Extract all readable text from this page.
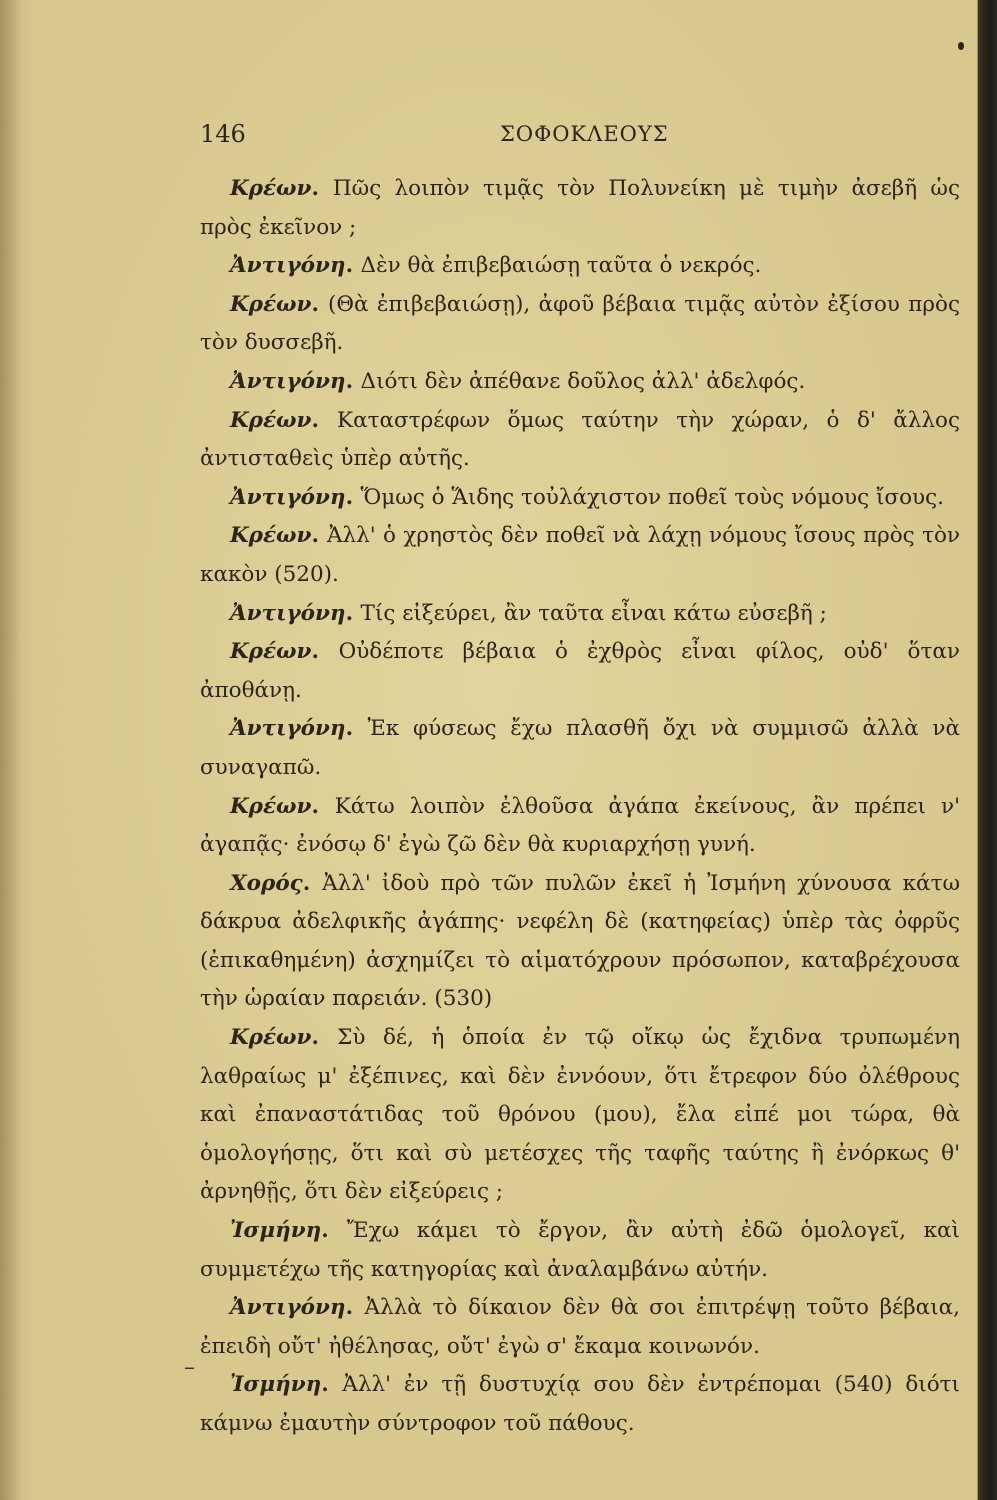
146	ΣΟΦΟΚΛΕΟΥΣ

Κρέων. Πῶς λοιπὸν τιμᾷς τὸν Πολυνείκη μὲ τιμὴν ἀσεβῆ ὡς πρὸς ἐκεῖνον ;

Ἀντιγόνη. Δὲν θὰ ἐπιβεβαιώσῃ ταῦτα ὁ νεκρός.

Κρέων. (Θὰ ἐπιβεβαιώσῃ), ἀφοῦ βέβαια τιμᾷς αὐτὸν ἐξίσου πρὸς τὸν δυσσεβῆ.

Ἀντιγόνη. Διότι δὲν ἀπέθανε δοῦλος ἀλλ' ἀδελφός.

Κρέων. Καταστρέφων ὅμως ταύτην τὴν χώραν, ὁ δ' ἄλλος ἀντισταθεὶς ὑπὲρ αὐτῆς.

Ἀντιγόνη. Ὅμως ὁ Ἅιδης τοὐλάχιστον ποθεῖ τοὺς νόμους ἴσους.

Κρέων. Ἀλλ' ὁ χρηστὸς δὲν ποθεῖ νὰ λάχῃ νόμους ἴσους πρὸς τὸν κακὸν (520).

Ἀντιγόνη. Τίς εἰξεύρει, ἂν ταῦτα εἶναι κάτω εὐσεβῆ ;

Κρέων. Οὐδέποτε βέβαια ὁ ἐχθρὸς εἶναι φίλος, οὐδ' ὅταν ἀποθάνῃ.

Ἀντιγόνη. Ἐκ φύσεως ἔχω πλασθῆ ὄχι νὰ συμμισῶ ἀλλὰ νὰ συναγαπῶ.

Κρέων. Κάτω λοιπὸν ἐλθοῦσα ἀγάπα ἐκείνους, ἂν πρέπει ν' ἀγαπᾷς· ἐνόσῳ δ' ἐγὼ ζῶ δὲν θὰ κυριαρχήσῃ γυνή.

Χορός. Ἀλλ' ἰδοὺ πρὸ τῶν πυλῶν ἐκεῖ ἡ Ἰσμήνη χύνουσα κάτω δάκρυα ἀδελφικῆς ἀγάπης· νεφέλη δὲ (κατηφείας) ὑπὲρ τὰς ὀφρῦς (ἐπικαθημένη) ἀσχημίζει τὸ αἱματόχρουν πρόσωπον, καταβρέχουσα τὴν ὡραίαν παρειάν. (530)

Κρέων. Σὺ δέ, ἡ ὁποία ἐν τῷ οἴκῳ ὡς ἔχιδνα τρυπωμένη λαθραίως μ' ἐξέπινες, καὶ δὲν ἐννόουν, ὅτι ἔτρεφον δύο ὀλέθρους καὶ ἐπαναστάτιδας τοῦ θρόνου (μου), ἔλα εἰπέ μοι τώρα, θὰ ὁμολογήσῃς, ὅτι καὶ σὺ μετέσχες τῆς ταφῆς ταύτης ἢ ἐνόρκως θ' ἀρνηθῇς, ὅτι δὲν εἰξεύρεις ;

Ἰσμήνη. Ἔχω κάμει τὸ ἔργον, ἂν αὐτὴ ἐδῶ ὁμολογεῖ, καὶ συμμετέχω τῆς κατηγορίας καὶ ἀναλαμβάνω αὐτήν.

Ἀντιγόνη. Ἀλλὰ τὸ δίκαιον δὲν θὰ σοι ἐπιτρέψῃ τοῦτο βέβαια, ἐπειδὴ οὔτ' ἠθέλησας, οὔτ' ἐγὼ σ' ἔκαμα κοινωνόν.

Ἰσμήνη. Ἀλλ' ἐν τῇ δυστυχίᾳ σου δὲν ἐντρέπομαι (540) διότι κάμνω ἐμαυτὴν σύντροφον τοῦ πάθους.

–
